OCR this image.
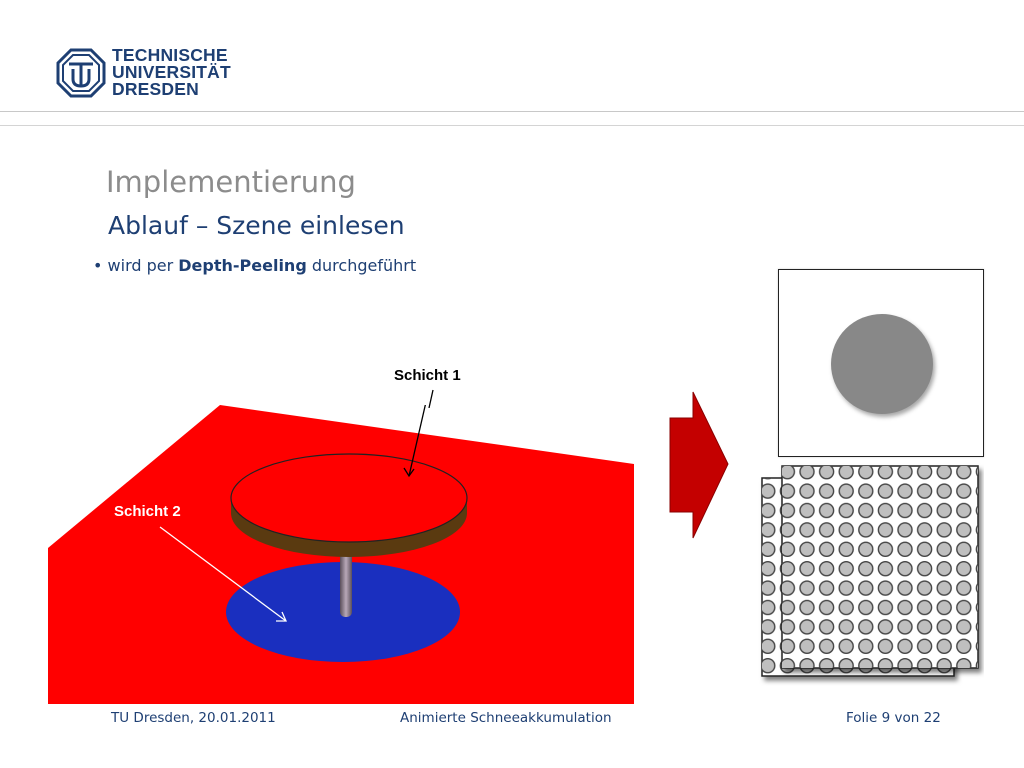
TECHNISCHE
UNIVERSITÄT
DRESDEN
Implementierung
Ablauf – Szene einlesen
• wird per Depth-Peeling durchgeführt
Schicht 1
Schicht 2
TU Dresden, 20.01.2011	Animierte Schneeakkumulation	Folie 9 von 22
